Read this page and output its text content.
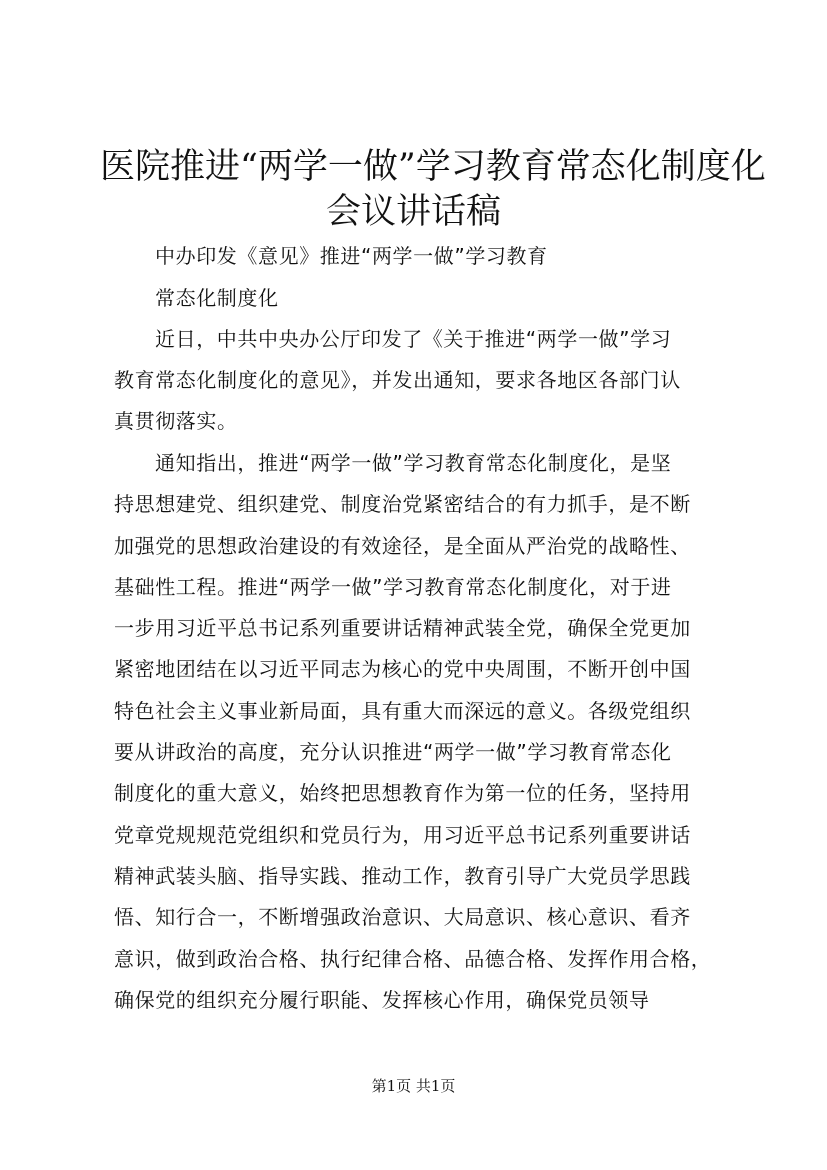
医院推进“两学一做”学习教育常态化制度化
会议讲话稿
中办印发《意见》推进“两学一做”学习教育
常态化制度化
近日，中共中央办公厅印发了《关于推进“两学一做”学习
教育常态化制度化的意见》，并发出通知，要求各地区各部门认
真贯彻落实。
通知指出，推进“两学一做”学习教育常态化制度化，是坚
持思想建党、组织建党、制度治党紧密结合的有力抓手，是不断
加强党的思想政治建设的有效途径，是全面从严治党的战略性、
基础性工程。推进“两学一做”学习教育常态化制度化，对于进
一步用习近平总书记系列重要讲话精神武装全党，确保全党更加
紧密地团结在以习近平同志为核心的党中央周围，不断开创中国
特色社会主义事业新局面，具有重大而深远的意义。各级党组织
要从讲政治的高度，充分认识推进“两学一做”学习教育常态化
制度化的重大意义，始终把思想教育作为第一位的任务，坚持用
党章党规规范党组织和党员行为，用习近平总书记系列重要讲话
精神武装头脑、指导实践、推动工作，教育引导广大党员学思践
悟、知行合一，不断增强政治意识、大局意识、核心意识、看齐
意识，做到政治合格、执行纪律合格、品德合格、发挥作用合格，
确保党的组织充分履行职能、发挥核心作用，确保党员领导
第1页 共1页
